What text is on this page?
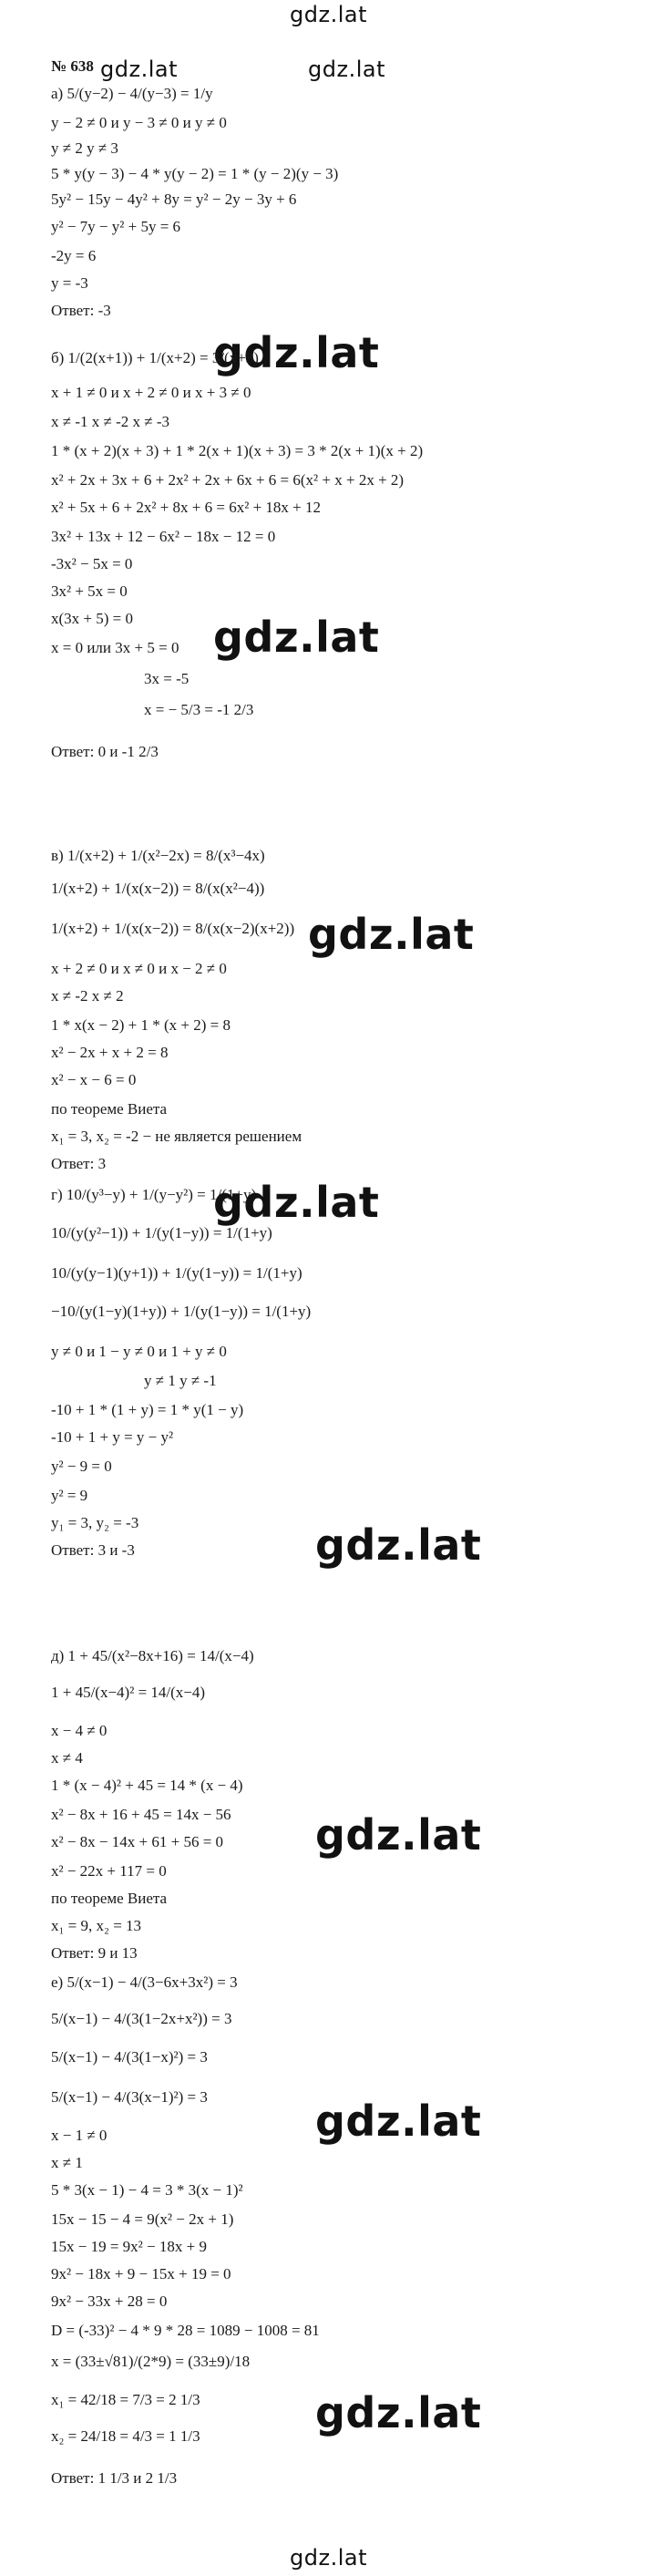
gdz.lat
gdz.lat
№ 638 gdz.lat	gdz.lat
а) 5/(y−2) − 4/(y−3) = 1/y
y − 2 ≠ 0 и y − 3 ≠ 0 и y ≠ 0
y ≠ 2 y ≠ 3
5 * y(y − 3) − 4 * y(y − 2) = 1 * (y − 2)(y − 3)
5y² − 15y − 4y² + 8y = y² − 2y − 3y + 6
y² − 7y − y² + 5y = 6
-2y = 6
y = -3
Ответ: -3
gdz.lat
б) 1/(2(x+1)) + 1/(x+2) = 3/(x+3)
x + 1 ≠ 0 и x + 2 ≠ 0 и x + 3 ≠ 0
x ≠ -1 x ≠ -2 x ≠ -3
1 * (x + 2)(x + 3) + 1 * 2(x + 1)(x + 3) = 3 * 2(x + 1)(x + 2)
x² + 2x + 3x + 6 + 2x² + 2x + 6x + 6 = 6(x² + x + 2x + 2)
x² + 5x + 6 + 2x² + 8x + 6 = 6x² + 18x + 12
3x² + 13x + 12 − 6x² − 18x − 12 = 0
-3x² − 5x = 0
3x² + 5x = 0
x(3x + 5) = 0 gdz.lat
x = 0 или 3x + 5 = 0
3x = -5
x = − 5/3 = -1 2/3
Ответ: 0 и -1 2/3
в) 1/(x+2) + 1/(x²−2x) = 8/(x³−4x)
1/(x+2) + 1/(x(x−2)) = 8/(x(x²−4))
1/(x+2) + 1/(x(x−2)) = 8/(x(x−2)(x+2)) gdz.lat
x + 2 ≠ 0 и x ≠ 0 и x − 2 ≠ 0
x ≠ -2 x ≠ 2
1 * x(x − 2) + 1 * (x + 2) = 8
x² − 2x + x + 2 = 8
x² − x − 6 = 0
по теореме Виета
x₁ = 3, x₂ = -2 − не является решением
Ответ: 3
г) 10/(y³−y) + 1/(y−y²) = 1/(1+y)
gdz.lat
10/(y(y²−1)) + 1/(y(1−y)) = 1/(1+y)
10/(y(y−1)(y+1)) + 1/(y(1−y)) = 1/(1+y)
−10/(y(1−y)(1+y)) + 1/(y(1−y)) = 1/(1+y)
y ≠ 0 и 1 − y ≠ 0 и 1 + y ≠ 0
y ≠ 1 y ≠ -1
-10 + 1 * (1 + y) = 1 * y(1 − y)
-10 + 1 + y = y − y²
y² − 9 = 0
y² = 9
y₁ = 3, y₂ = -3
Ответ: 3 и -3	gdz.lat
д) 1 + 45/(x²−8x+16) = 14/(x−4)
1 + 45/(x−4)² = 14/(x−4)
x − 4 ≠ 0
x ≠ 4
1 * (x − 4)² + 45 = 14 * (x − 4)
x² − 8x + 16 + 45 = 14x − 56 gdz.lat
x² − 8x − 14x + 61 + 56 = 0
x² − 22x + 117 = 0
по теореме Виета
x₁ = 9, x₂ = 13
Ответ: 9 и 13
е) 5/(x−1) − 4/(3−6x+3x²) = 3
5/(x−1) − 4/(3(1−2x+x²)) = 3
5/(x−1) − 4/(3(1−x)²) = 3
5/(x−1) − 4/(3(x−1)²) = 3
x − 1 ≠ 0	gdz.lat
x ≠ 1
5 * 3(x − 1) − 4 = 3 * 3(x − 1)²
15x − 15 − 4 = 9(x² − 2x + 1)
15x − 19 = 9x² − 18x + 9
9x² − 18x + 9 − 15x + 19 = 0
9x² − 33x + 28 = 0
D = (-33)² − 4 * 9 * 28 = 1089 − 1008 = 81
x = (33±√81)/(2*9) = (33±9)/18
x₁ = 42/18 = 7/3 = 2 1/3	gdz.lat
x₂ = 24/18 = 4/3 = 1 1/3
Ответ: 1 1/3 и 2 1/3
